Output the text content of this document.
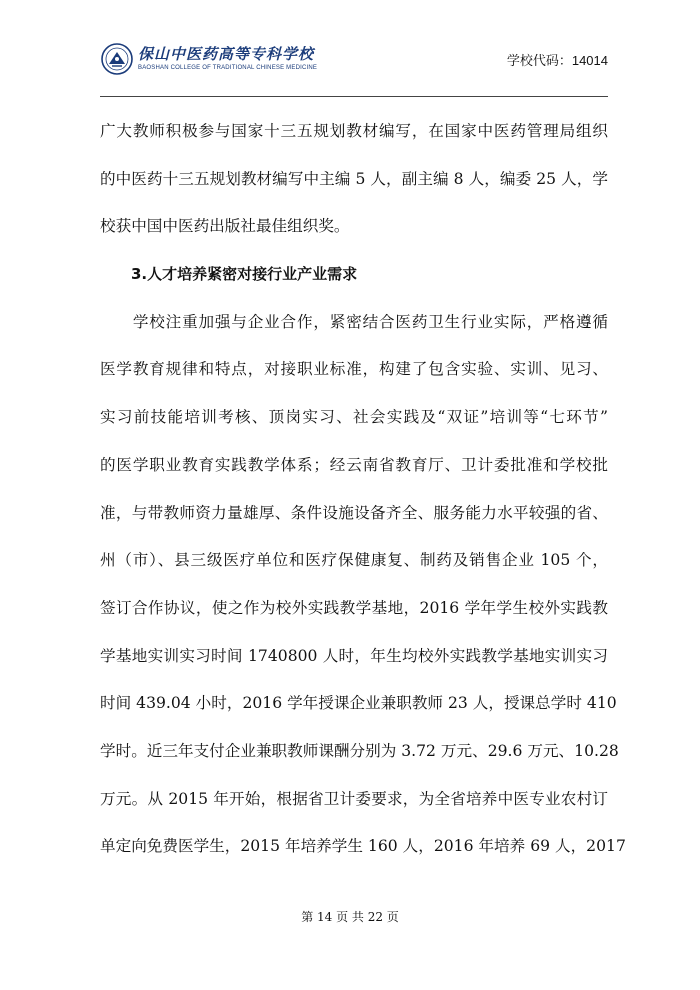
保山中医药高等专科学校
BAOSHAN COLLEGE OF TRADITIONAL CHINESE MEDICINE	学校代码：14014
广大教师积极参与国家十三五规划教材编写，在国家中医药管理局组织
的中医药十三五规划教材编写中主编 5 人，副主编 8 人，编委 25 人，学
校获中国中医药出版社最佳组织奖。
3.人才培养紧密对接行业产业需求
　　学校注重加强与企业合作，紧密结合医药卫生行业实际，严格遵循
医学教育规律和特点，对接职业标准，构建了包含实验、实训、见习、
实习前技能培训考核、顶岗实习、社会实践及“双证”培训等“七环节”
的医学职业教育实践教学体系；经云南省教育厅、卫计委批准和学校批
准，与带教师资力量雄厚、条件设施设备齐全、服务能力水平较强的省、
州（市）、县三级医疗单位和医疗保健康复、制药及销售企业 105 个，
签订合作协议，使之作为校外实践教学基地，2016 学年学生校外实践教
学基地实训实习时间 1740800 人时，年生均校外实践教学基地实训实习
时间 439.04 小时，2016 学年授课企业兼职教师 23 人，授课总学时 410
学时。近三年支付企业兼职教师课酬分别为 3.72 万元、29.6 万元、10.28
万元。从 2015 年开始，根据省卫计委要求，为全省培养中医专业农村订
单定向免费医学生，2015 年培养学生 160 人，2016 年培养 69 人，2017
第 14 页 共 22 页
